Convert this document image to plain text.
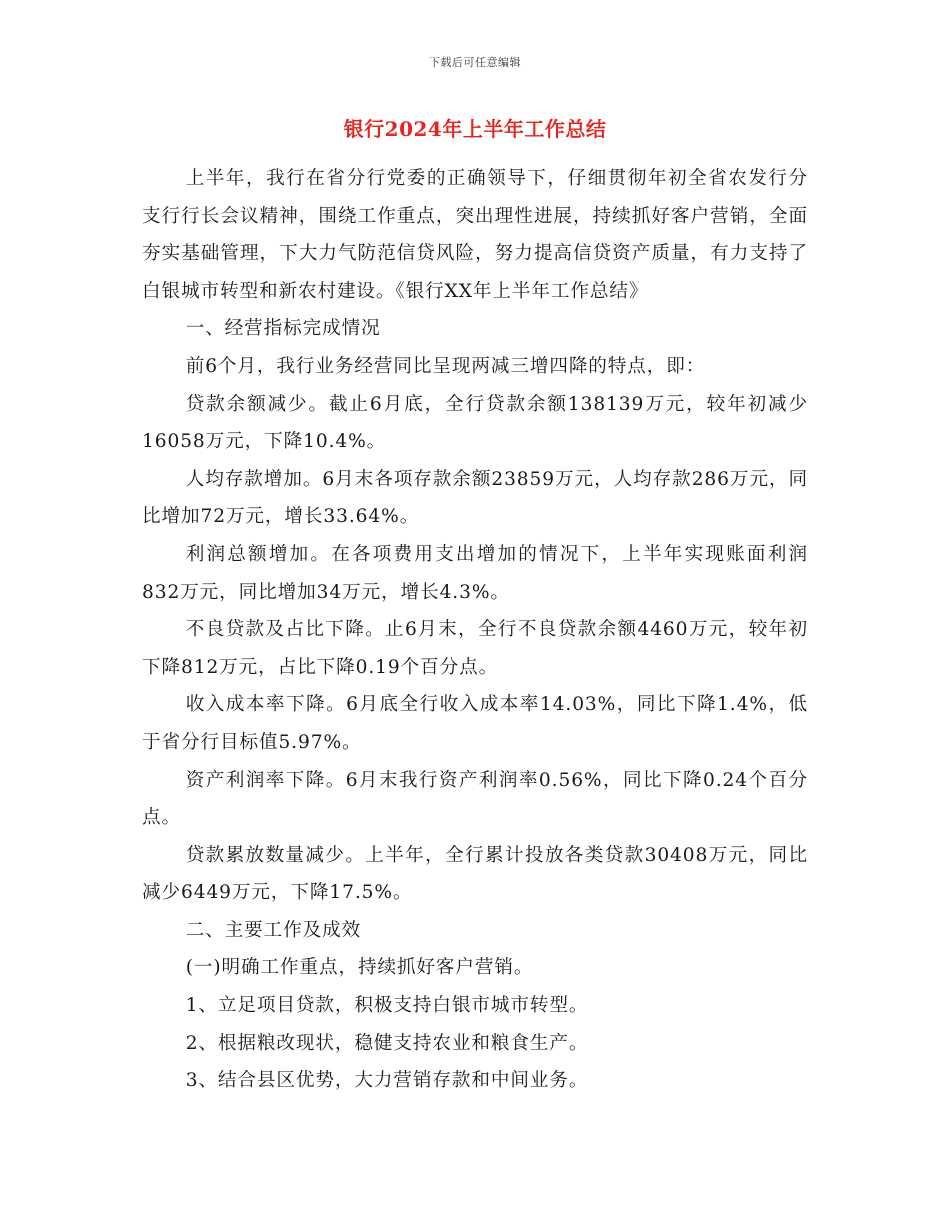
下载后可任意编辑
银行2024年上半年工作总结

上半年，我行在省分行党委的正确领导下，仔细贯彻年初全省农发行分支行行长会议精神，围绕工作重点，突出理性进展，持续抓好客户营销，全面夯实基础管理，下大力气防范信贷风险，努力提高信贷资产质量，有力支持了白银城市转型和新农村建设。《银行XX年上半年工作总结》

一、经营指标完成情况

前6个月，我行业务经营同比呈现两减三增四降的特点，即：

贷款余额减少。截止6月底，全行贷款余额138139万元，较年初减少16058万元，下降10.4%。

人均存款增加。6月末各项存款余额23859万元，人均存款286万元，同比增加72万元，增长33.64%。

利润总额增加。在各项费用支出增加的情况下，上半年实现账面利润832万元，同比增加34万元，增长4.3%。

不良贷款及占比下降。止6月末，全行不良贷款余额4460万元，较年初下降812万元，占比下降0.19个百分点。

收入成本率下降。6月底全行收入成本率14.03%，同比下降1.4%，低于省分行目标值5.97%。

资产利润率下降。6月末我行资产利润率0.56%，同比下降0.24个百分点。

贷款累放数量减少。上半年，全行累计投放各类贷款30408万元，同比减少6449万元，下降17.5%。

二、主要工作及成效

(一)明确工作重点，持续抓好客户营销。

1、立足项目贷款，积极支持白银市城市转型。

2、根据粮改现状，稳健支持农业和粮食生产。

3、结合县区优势，大力营销存款和中间业务。
